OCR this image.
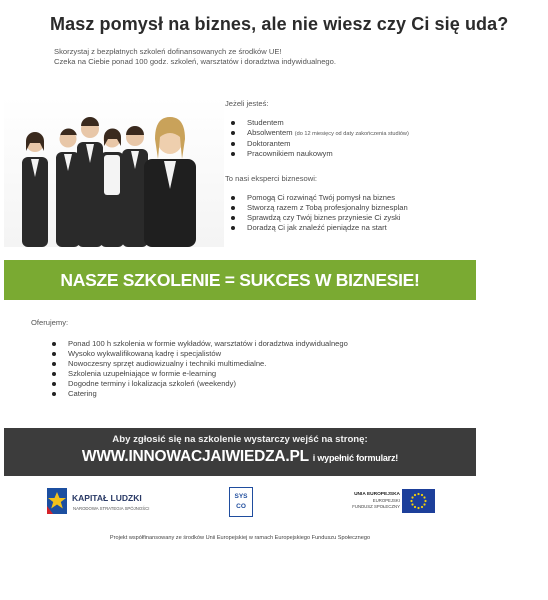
Masz pomysł na biznes, ale nie wiesz czy Ci się uda?
Skorzystaj z bezpłatnych szkoleń dofinansowanych ze środków UE!
Czeka na Ciebie ponad 100 godz. szkoleń, warsztatów i doradztwa indywidualnego.
Jeżeli jesteś:
Studentem
Absolwentem (do 12 miesięcy od daty zakończenia studiów)
Doktorantem
Pracownikiem naukowym
To nasi eksperci biznesowi:
Pomogą Ci rozwinąć Twój pomysł na biznes
Stworzą razem z Tobą profesjonalny biznesplan
Sprawdzą czy Twój biznes przyniesie Ci zyski
Doradzą Ci jak znaleźć pieniądze na start
NASZE SZKOLENIE = SUKCES W BIZNESIE!
Oferujemy:
Ponad 100 h szkolenia w formie wykładów, warsztatów i doradztwa indywidualnego
Wysoko wykwalifikowaną kadrę i specjalistów
Nowoczesny sprzęt audiowizualny i techniki multimedialne.
Szkolenia uzupełniające w formie e-learning
Dogodne terminy i lokalizacja szkoleń (weekendy)
Catering
Aby zgłosić się na szkolenie wystarczy wejść na stronę:
WWW.INNOWACJAIWIEDZA.PL i wypełnić formularz!
KAPITAŁ LUDZKI
NARODOWA STRATEGIA SPÓJNOŚCI
SYS
CO
UNIA EUROPEJSKA
EUROPEJSKI
FUNDUSZ SPOŁECZNY
Projekt współfinansowany ze środków Unii Europejskiej w ramach Europejskiego Funduszu Społecznego
